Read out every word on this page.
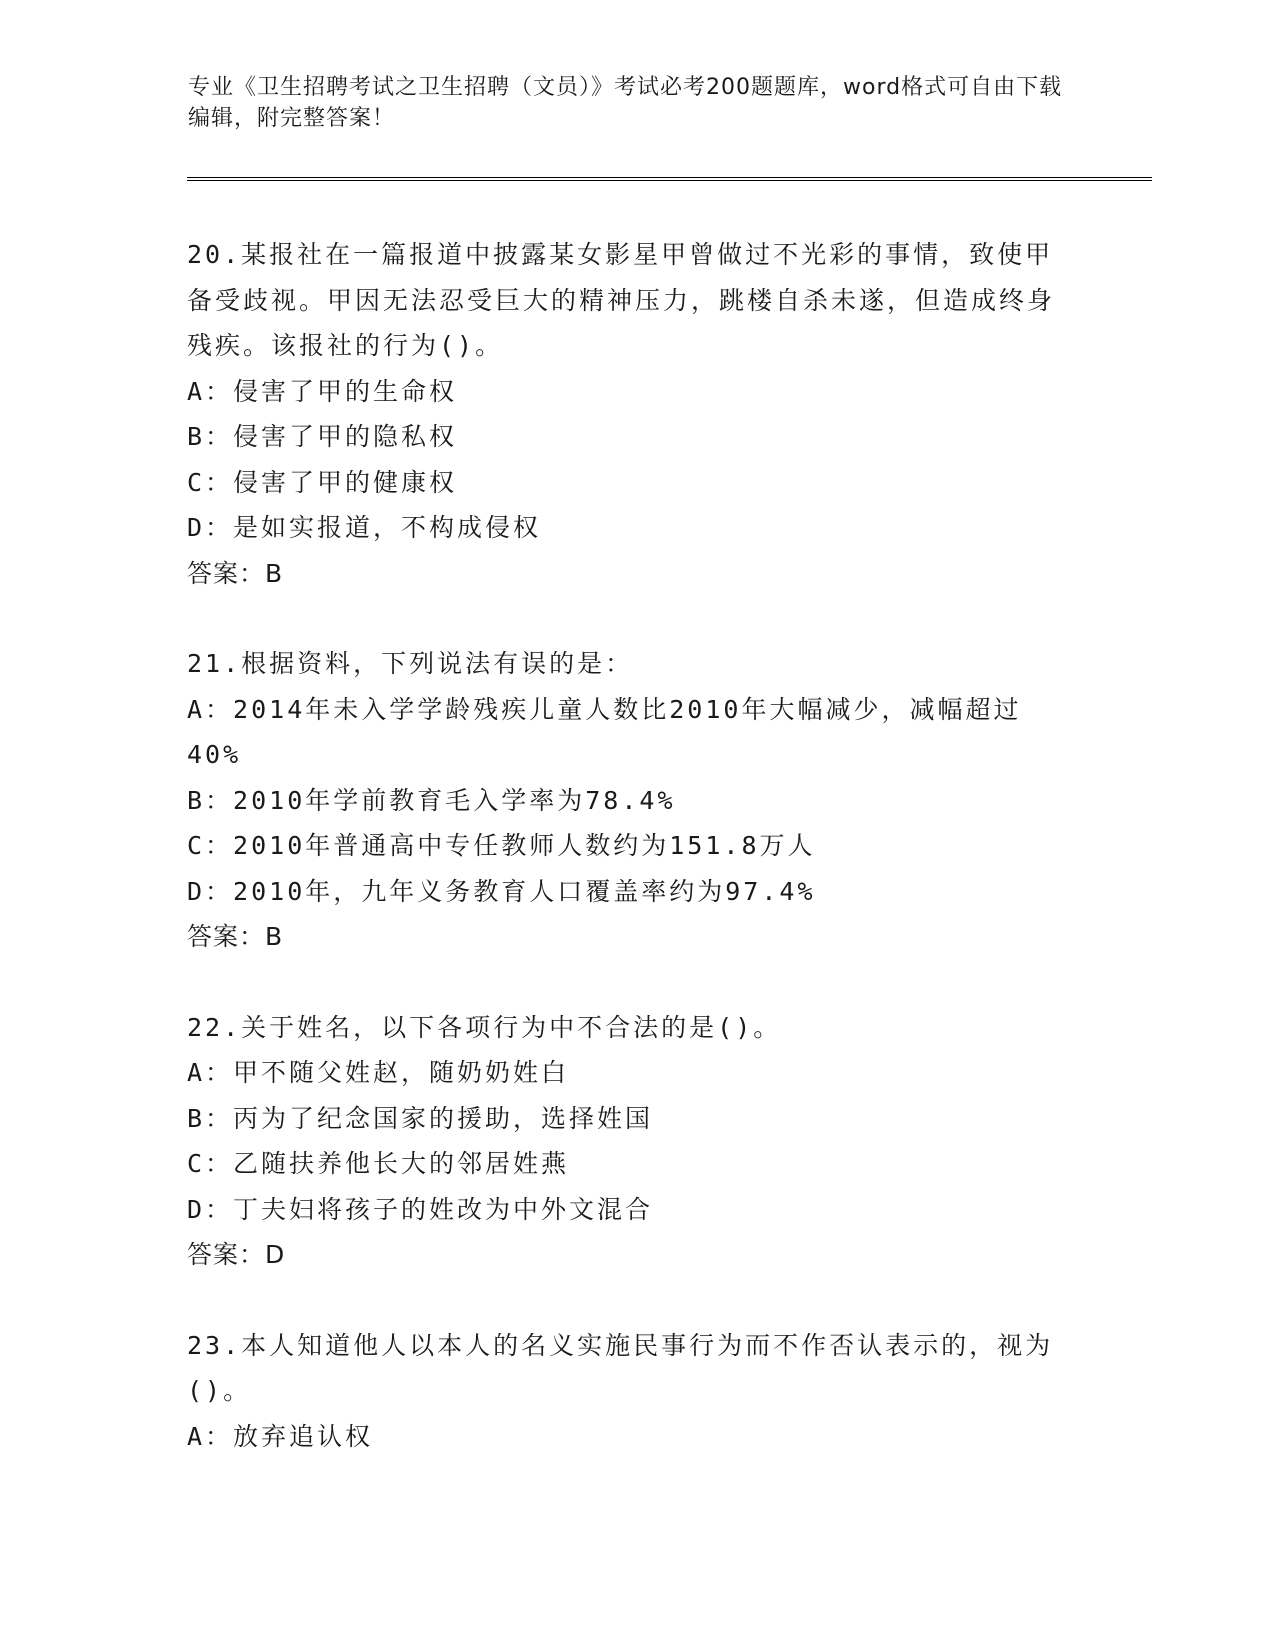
专业《卫生招聘考试之卫生招聘（文员）》考试必考200题题库，word格式可自由下载编辑，附完整答案！

20.某报社在一篇报道中披露某女影星甲曾做过不光彩的事情，致使甲备受歧视。甲因无法忍受巨大的精神压力，跳楼自杀未遂，但造成终身残疾。该报社的行为()。

A：侵害了甲的生命权

B：侵害了甲的隐私权

C：侵害了甲的健康权

D：是如实报道，不构成侵权

答案：B

21.根据资料，下列说法有误的是：

A：2014年未入学学龄残疾儿童人数比2010年大幅减少，减幅超过40%

B：2010年学前教育毛入学率为78.4%

C：2010年普通高中专任教师人数约为151.8万人

D：2010年，九年义务教育人口覆盖率约为97.4%

答案：B

22.关于姓名，以下各项行为中不合法的是()。

A：甲不随父姓赵，随奶奶姓白

B：丙为了纪念国家的援助，选择姓国

C：乙随扶养他长大的邻居姓燕

D：丁夫妇将孩子的姓改为中外文混合

答案：D

23.本人知道他人以本人的名义实施民事行为而不作否认表示的，视为()。

A：放弃追认权
